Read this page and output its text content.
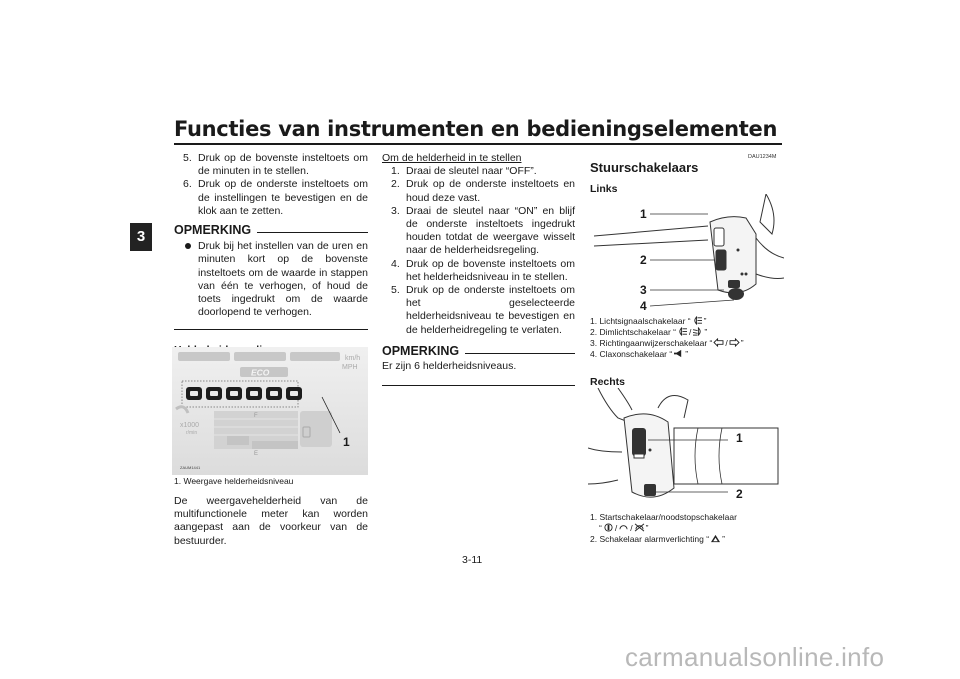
Functies van instrumenten en bedieningselementen
3
5. Druk op de bovenste insteltoets om de minuten in te stellen.
6. Druk op de onderste insteltoets om de instellingen te bevestigen en de klok aan te zetten.
OPMERKING
Druk bij het instellen van de uren en minuten kort op de bovenste insteltoets om de waarde in stappen van één te verhogen, of houd de toets ingedrukt om de waarde doorlopend te verhogen.
km/h
MPH
ECO
F
E
x1000
r/min
1
ZAUM1441
1. Weergave helderheidsniveau
De weergavehelderheid van de multifunctionele meter kan worden aangepast aan de voorkeur van de bestuurder.
Om de helderheid in te stellen
1. Draai de sleutel naar “OFF”.
2. Druk op de onderste insteltoets en houd deze vast.
3. Draai de sleutel naar “ON” en blijf de onderste insteltoets ingedrukt houden totdat de weergave wisselt naar de helderheidsregeling.
4. Druk op de bovenste insteltoets om het helderheidsniveau in te stellen.
5. Druk op de onderste insteltoets om het geselecteerde helderheidsniveau te bevestigen en de helderheidregeling te verlaten.
OPMERKING
Er zijn 6 helderheidsniveaus.
DAU1234M
Stuurschakelaars
Links
1
2
3
4
1. Lichtsignaalschakelaar “ ”
2. Dimlichtschakelaar “ / ”
3. Richtingaanwijzerschakelaar “ / ”
4. Claxonschakelaar “ ”
Rechts
1
2
1. Startschakelaar/noodstopschakelaar
“ / / ”
2. Schakelaar alarmverlichting “ ”
3-11
carmanualsonline.info
